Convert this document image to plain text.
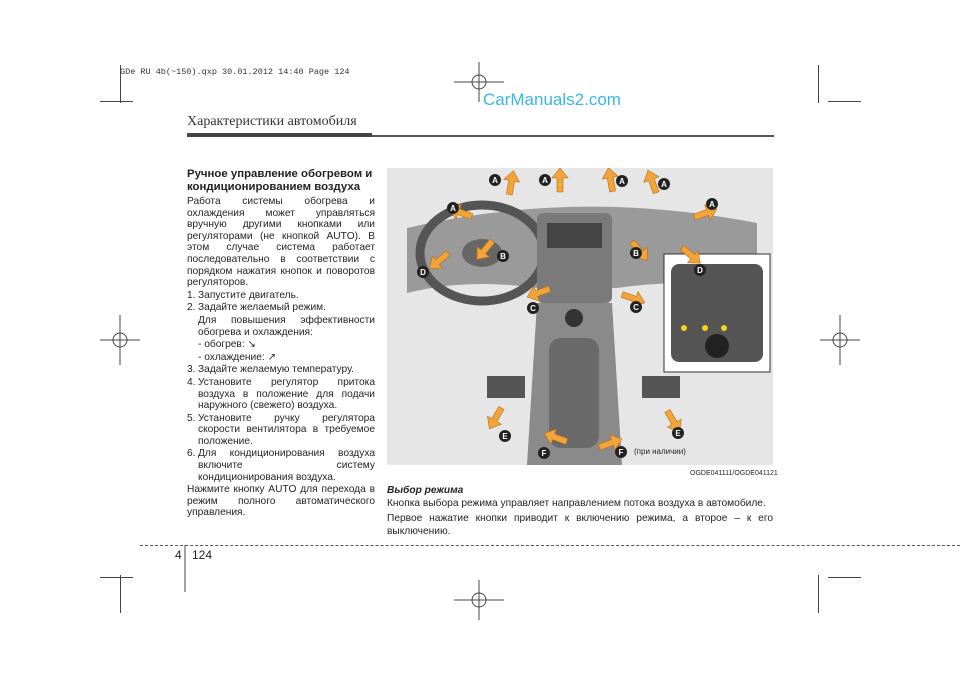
GDe RU 4b(~150).qxp 30.01.2012 14:40 Page 124
CarManuals2.com
Характеристики автомобиля
Ручное управление обогревом и кондиционированием воздуха

Работа системы обогрева и охлаждения может управляться вручную другими кнопками или регуляторами (не кнопкой AUTO). В этом случае система работает последовательно в соответствии с порядком нажатия кнопок и поворотов регуляторов.

1. Запустите двигатель.
2. Задайте желаемый режим.
Для повышения эффективности обогрева и охлаждения:
- обогрев: ↘
- охлаждение: ↗
3. Задайте желаемую температуру.
4. Установите регулятор притока воздуха в положение для подачи наружного (свежего) воздуха.
5. Установите ручку регулятора скорости вентилятора в требуемое положение.
6. Для кондиционирования воздуха включите систему кондиционирования воздуха.

Нажмите кнопку AUTO для перехода в режим полного автоматического управления.

A	A	A	A
A	A
B	B
D	D
C	C
E	E
F	F (при наличии)
OGDE041111/OGDE041121
Выбор режима

Кнопка выбора режима управляет направлением потока воздуха в автомобиле.

Первое нажатие кнопки приводит к включению режима, а второе – к его выключению.

4 124
